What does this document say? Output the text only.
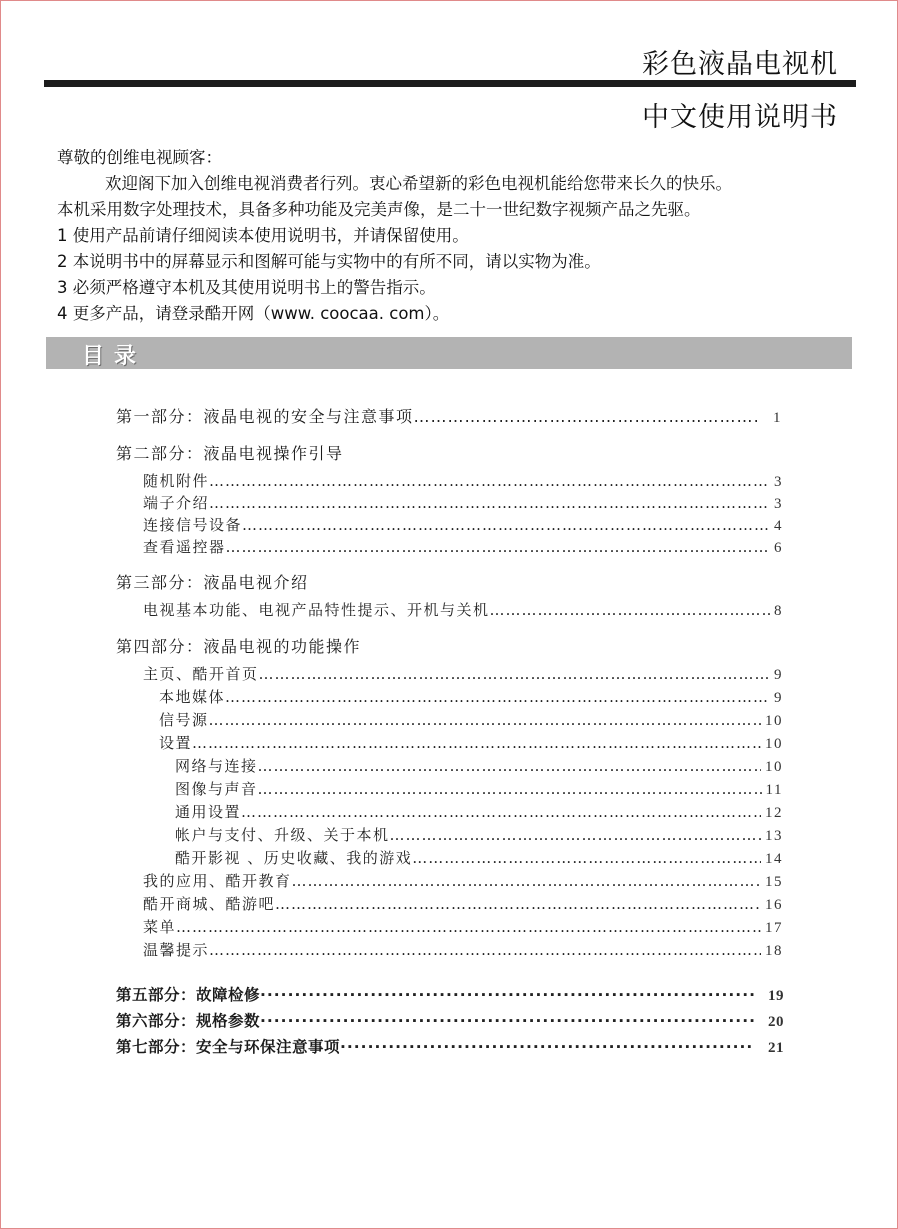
彩色液晶电视机
中文使用说明书
尊敬的创维电视顾客：
欢迎阁下加入创维电视消费者行列。衷心希望新的彩色电视机能给您带来长久的快乐。
本机采用数字处理技术，具备多种功能及完美声像，是二十一世纪数字视频产品之先驱。
1 使用产品前请仔细阅读本使用说明书，并请保留使用。
2 本说明书中的屏幕显示和图解可能与实物中的有所不同，请以实物为准。
3 必须严格遵守本机及其使用说明书上的警告指示。
4 更多产品，请登录酷开网（www. coocaa. com）。
目录
第一部分：液晶电视的安全与注意事项 ……………………………………………………………………………………………………………………………………………………………………………………………………	1
第二部分：液晶电视操作引导
随机附件 ……………………………………………………………………………………………………………………………………………………………………………………………………	3
端子介绍 ……………………………………………………………………………………………………………………………………………………………………………………………………	3
连接信号设备 ……………………………………………………………………………………………………………………………………………………………………………………………………	4
查看遥控器 ……………………………………………………………………………………………………………………………………………………………………………………………………	6
第三部分：液晶电视介绍
电视基本功能、电视产品特性提示、开机与关机 ……………………………………………………………………………………………………………………………………………………………………………………………………	8
第四部分：液晶电视的功能操作
主页、酷开首页 ……………………………………………………………………………………………………………………………………………………………………………………………………	9
本地媒体 ……………………………………………………………………………………………………………………………………………………………………………………………………	9
信号源 ……………………………………………………………………………………………………………………………………………………………………………………………………	10
设置 ……………………………………………………………………………………………………………………………………………………………………………………………………	10
网络与连接 ……………………………………………………………………………………………………………………………………………………………………………………………………	10
图像与声音 ……………………………………………………………………………………………………………………………………………………………………………………………………	11
通用设置 ……………………………………………………………………………………………………………………………………………………………………………………………………	12
帐户与支付、升级、关于本机 ……………………………………………………………………………………………………………………………………………………………………………………………………	13
酷开影视 、历史收藏、我的游戏 ……………………………………………………………………………………………………………………………………………………………………………………………………	14
我的应用、酷开教育 ……………………………………………………………………………………………………………………………………………………………………………………………………	15
酷开商城、酷游吧 ……………………………………………………………………………………………………………………………………………………………………………………………………	16
菜单 ……………………………………………………………………………………………………………………………………………………………………………………………………	17
温馨提示 ……………………………………………………………………………………………………………………………………………………………………………………………………	18
第五部分：故障检修 ·····	19
第六部分：规格参数 ·····	20
第七部分：安全与环保注意事项 ·····	21
